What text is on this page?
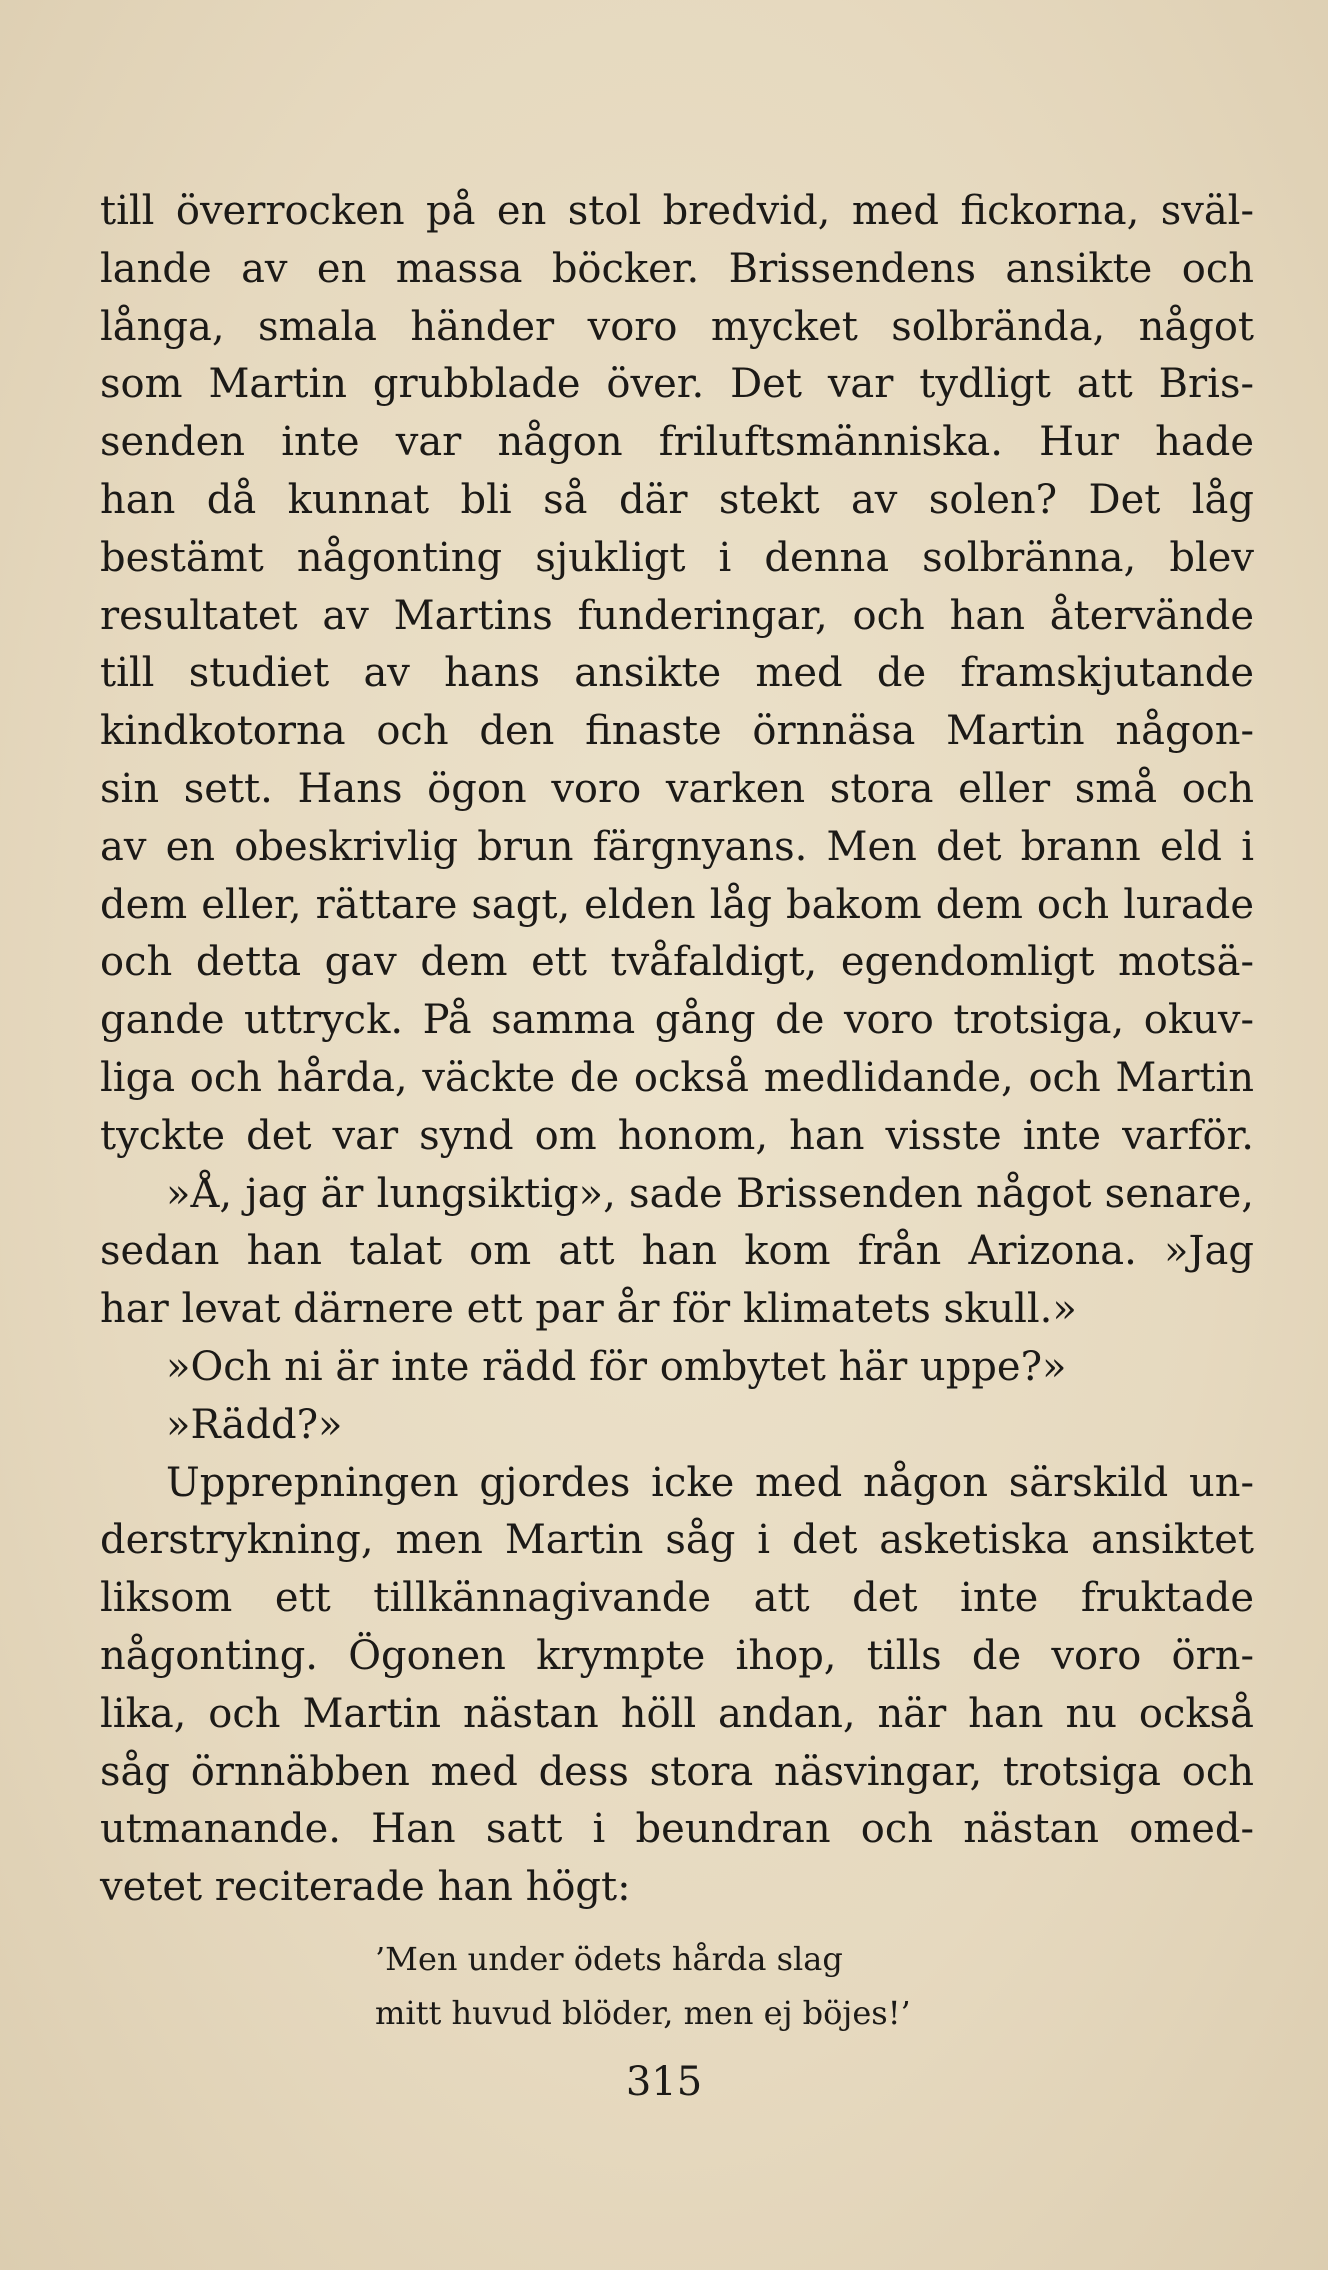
till överrocken på en stol bredvid, med fickorna, sväl-
lande av en massa böcker. Brissendens ansikte och
långa, smala händer voro mycket solbrända, något
som Martin grubblade över. Det var tydligt att Bris-
senden inte var någon friluftsmänniska. Hur hade
han då kunnat bli så där stekt av solen? Det låg
bestämt någonting sjukligt i denna solbränna, blev
resultatet av Martins funderingar, och han återvände
till studiet av hans ansikte med de framskjutande
kindkotorna och den finaste örnnäsa Martin någon-
sin sett. Hans ögon voro varken stora eller små och
av en obeskrivlig brun färgnyans. Men det brann eld i
dem eller, rättare sagt, elden låg bakom dem och lurade
och detta gav dem ett tvåfaldigt, egendomligt motsä-
gande uttryck. På samma gång de voro trotsiga, okuv-
liga och hårda, väckte de också medlidande, och Martin
tyckte det var synd om honom, han visste inte varför.
»Å, jag är lungsiktig», sade Brissenden något senare,
sedan han talat om att han kom från Arizona. »Jag
har levat därnere ett par år för klimatets skull.»
»Och ni är inte rädd för ombytet här uppe?»
»Rädd?»
Upprepningen gjordes icke med någon särskild un-
derstrykning, men Martin såg i det asketiska ansiktet
liksom ett tillkännagivande att det inte fruktade
någonting. Ögonen krympte ihop, tills de voro örn-
lika, och Martin nästan höll andan, när han nu också
såg örnnäbben med dess stora näsvingar, trotsiga och
utmanande. Han satt i beundran och nästan omed-
vetet reciterade han högt:
’Men under ödets hårda slag
mitt huvud blöder, men ej böjes!’
315
